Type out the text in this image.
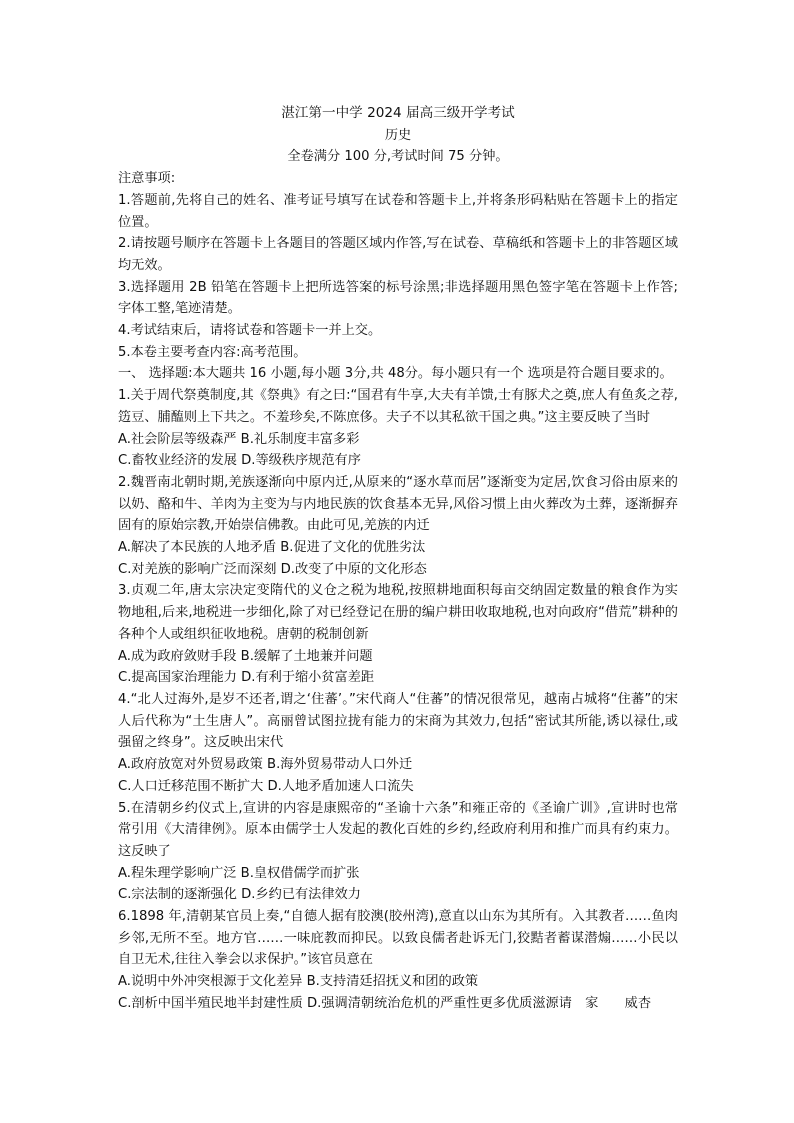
湛江第一中学 2024 届高三级开学考试
历史
全卷满分 100 分,考试时间 75 分钟。
注意事项:

1.答题前,先将自己的姓名、准考证号填写在试卷和答题卡上,并将条形码粘贴在答题卡上的指定位置。

2.请按题号顺序在答题卡上各题目的答题区域内作答,写在试卷、草稿纸和答题卡上的非答题区域均无效。

3.选择题用 2B 铅笔在答题卡上把所选答案的标号涂黑;非选择题用黑色签字笔在答题卡上作答;字体工整,笔迹清楚。

4.考试结束后，请将试卷和答题卡一并上交。

5.本卷主要考查内容:高考范围。

一、 选择题:本大题共 16 小题,每小题 3分,共 48分。每小题只有一个 选项是符合题目要求的。

1.关于周代祭奠制度,其《祭典》有之曰:“国君有牛享,大夫有羊馈,士有豚犬之奠,庶人有鱼炙之荐,笾豆、脯醢则上下共之。不羞珍矣,不陈庶侈。夫子不以其私欲干国之典。”这主要反映了当时

A.社会阶层等级森严 B.礼乐制度丰富多彩

C.畜牧业经济的发展 D.等级秩序规范有序

2.魏晋南北朝时期,羌族逐渐向中原内迁,从原来的“逐水草而居”逐渐变为定居,饮食习俗由原来的以奶、酪和牛、羊肉为主变为与内地民族的饮食基本无异,风俗习惯上由火葬改为土葬，逐渐摒弃固有的原始宗教,开始崇信佛教。由此可见,羌族的内迁

A.解决了本民族的人地矛盾 B.促进了文化的优胜劣汰

C.对羌族的影响广泛而深刻 D.改变了中原的文化形态

3.贞观二年,唐太宗决定变隋代的义仓之税为地税,按照耕地面积每亩交纳固定数量的粮食作为实物地租,后来,地税进一步细化,除了对已经登记在册的编户耕田收取地税,也对向政府“借荒”耕种的各种个人或组织征收地税。唐朝的税制创新

A.成为政府敛财手段 B.缓解了土地兼并问题

C.提高国家治理能力 D.有利于缩小贫富差距

4.“北人过海外,是岁不还者,谓之‘住蕃’。”宋代商人“住蕃”的情况很常见，越南占城将“住蕃”的宋人后代称为“土生唐人”。高丽曾试图拉拢有能力的宋商为其效力,包括“密试其所能,诱以禄仕,或强留之终身”。这反映出宋代

A.政府放宽对外贸易政策 B.海外贸易带动人口外迁

C.人口迁移范围不断扩大 D.人地矛盾加速人口流失

5.在清朝乡约仪式上,宣讲的内容是康熙帝的“圣谕十六条”和雍正帝的《圣谕广训》,宣讲时也常常引用《大清律例》。原本由儒学士人发起的教化百姓的乡约,经政府利用和推广而具有约束力。这反映了

A.程朱理学影响广泛 B.皇权借儒学而扩张

C.宗法制的逐渐强化 D.乡约已有法律效力

6.1898 年,清朝某官员上奏,“自德人据有胶澳(胶州湾),意直以山东为其所有。入其教者……鱼肉乡邻,无所不至。地方官……一味庇教而抑民。以致良儒者赴诉无门,狡黠者蓄谋潜煽……小民以自卫无术,往往入拳会以求保护。”该官员意在

A.说明中外冲突根源于文化差异 B.支持清廷招抚义和团的政策

C.剖析中国半殖民地半封建性质 D.强调清朝统治危机的严重性更多优质滋源请　家　　威杏
